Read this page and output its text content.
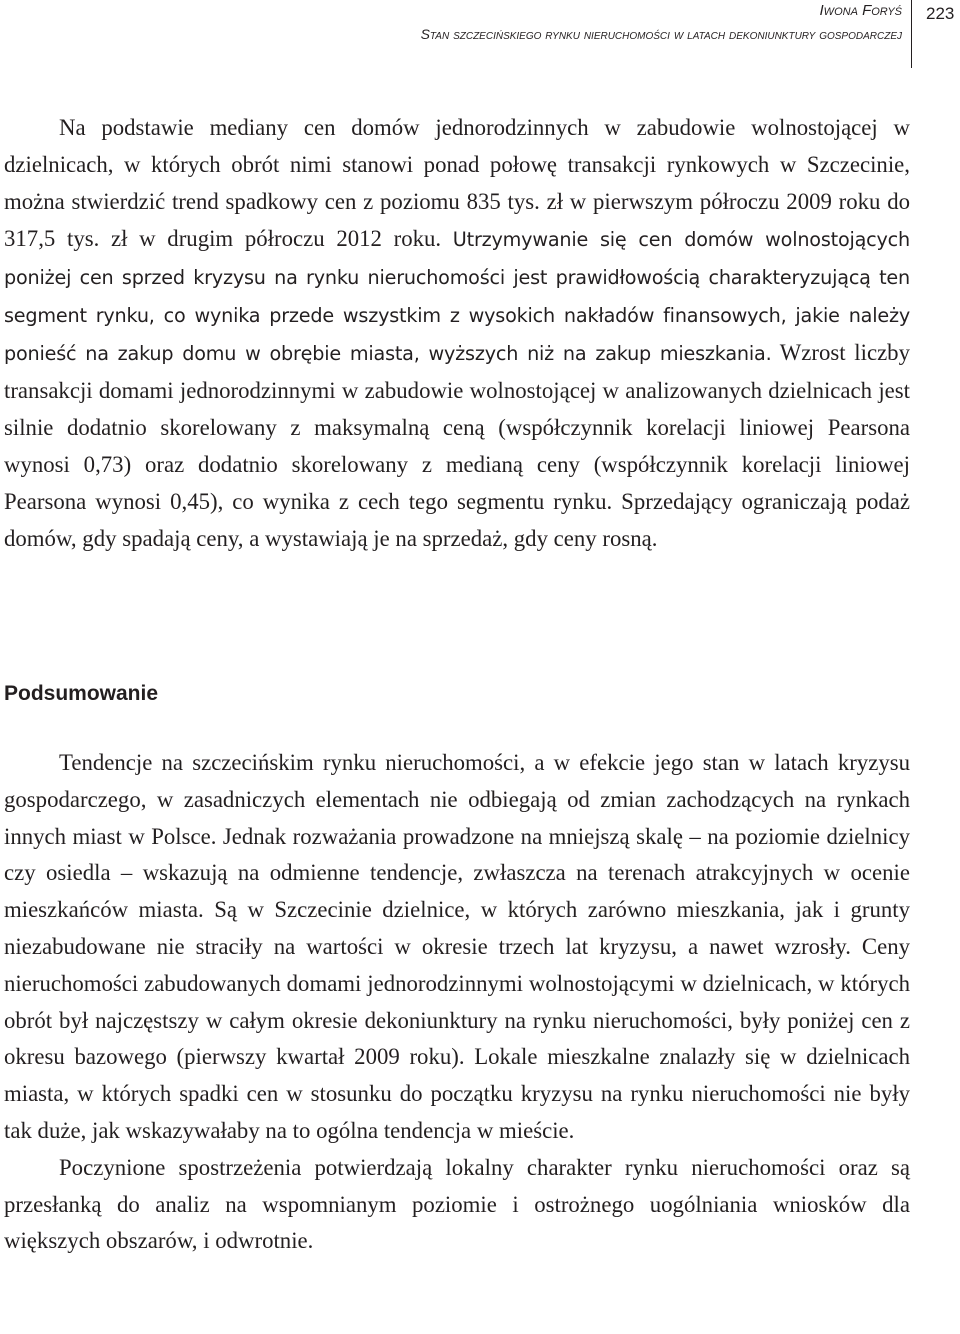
Iwona Foryś
Stan szczecińskiego rynku nieruchomości w latach dekoniunktury gospodarczej
223

Na podstawie mediany cen domów jednorodzinnych w zabudowie wolnostojącej w dzielnicach, w których obrót nimi stanowi ponad połowę transakcji rynkowych w Szczecinie, można stwierdzić trend spadkowy cen z poziomu 835 tys. zł w pierwszym półroczu 2009 roku do 317,5 tys. zł w drugim półroczu 2012 roku. Utrzymywanie się cen domów wolnostojących poniżej cen sprzed kryzysu na rynku nieruchomości jest prawidłowością charakteryzującą ten segment rynku, co wynika przede wszystkim z wysokich nakładów finansowych, jakie należy ponieść na zakup domu w obrębie miasta, wyższych niż na zakup mieszkania. Wzrost liczby transakcji domami jednorodzinnymi w zabudowie wolnostojącej w analizowanych dzielnicach jest silnie dodatnio skorelowany z maksymalną ceną (współczynnik korelacji liniowej Pearsona wynosi 0,73) oraz dodatnio skorelowany z medianą ceny (współczynnik korelacji liniowej Pearsona wynosi 0,45), co wynika z cech tego segmentu rynku. Sprzedający ograniczają podaż domów, gdy spadają ceny, a wystawiają je na sprzedaż, gdy ceny rosną.

Podsumowanie

Tendencje na szczecińskim rynku nieruchomości, a w efekcie jego stan w latach kryzysu gospodarczego, w zasadniczych elementach nie odbiegają od zmian zachodzących na rynkach innych miast w Polsce. Jednak rozważania prowadzone na mniejszą skalę – na poziomie dzielnicy czy osiedla – wskazują na odmienne tendencje, zwłaszcza na terenach atrakcyjnych w ocenie mieszkańców miasta. Są w Szczecinie dzielnice, w których zarówno mieszkania, jak i grunty niezabudowane nie straciły na wartości w okresie trzech lat kryzysu, a nawet wzrosły. Ceny nieruchomości zabudowanych domami jednorodzinnymi wolnostojącymi w dzielnicach, w których obrót był najczęstszy w całym okresie dekoniunktury na rynku nieruchomości, były poniżej cen z okresu bazowego (pierwszy kwartał 2009 roku). Lokale mieszkalne znalazły się w dzielnicach miasta, w których spadki cen w stosunku do początku kryzysu na rynku nieruchomości nie były tak duże, jak wskazywałaby na to ogólna tendencja w mieście.

Poczynione spostrzeżenia potwierdzają lokalny charakter rynku nieruchomości oraz są przesłanką do analiz na wspomnianym poziomie i ostrożnego uogólniania wniosków dla większych obszarów, i odwrotnie.
